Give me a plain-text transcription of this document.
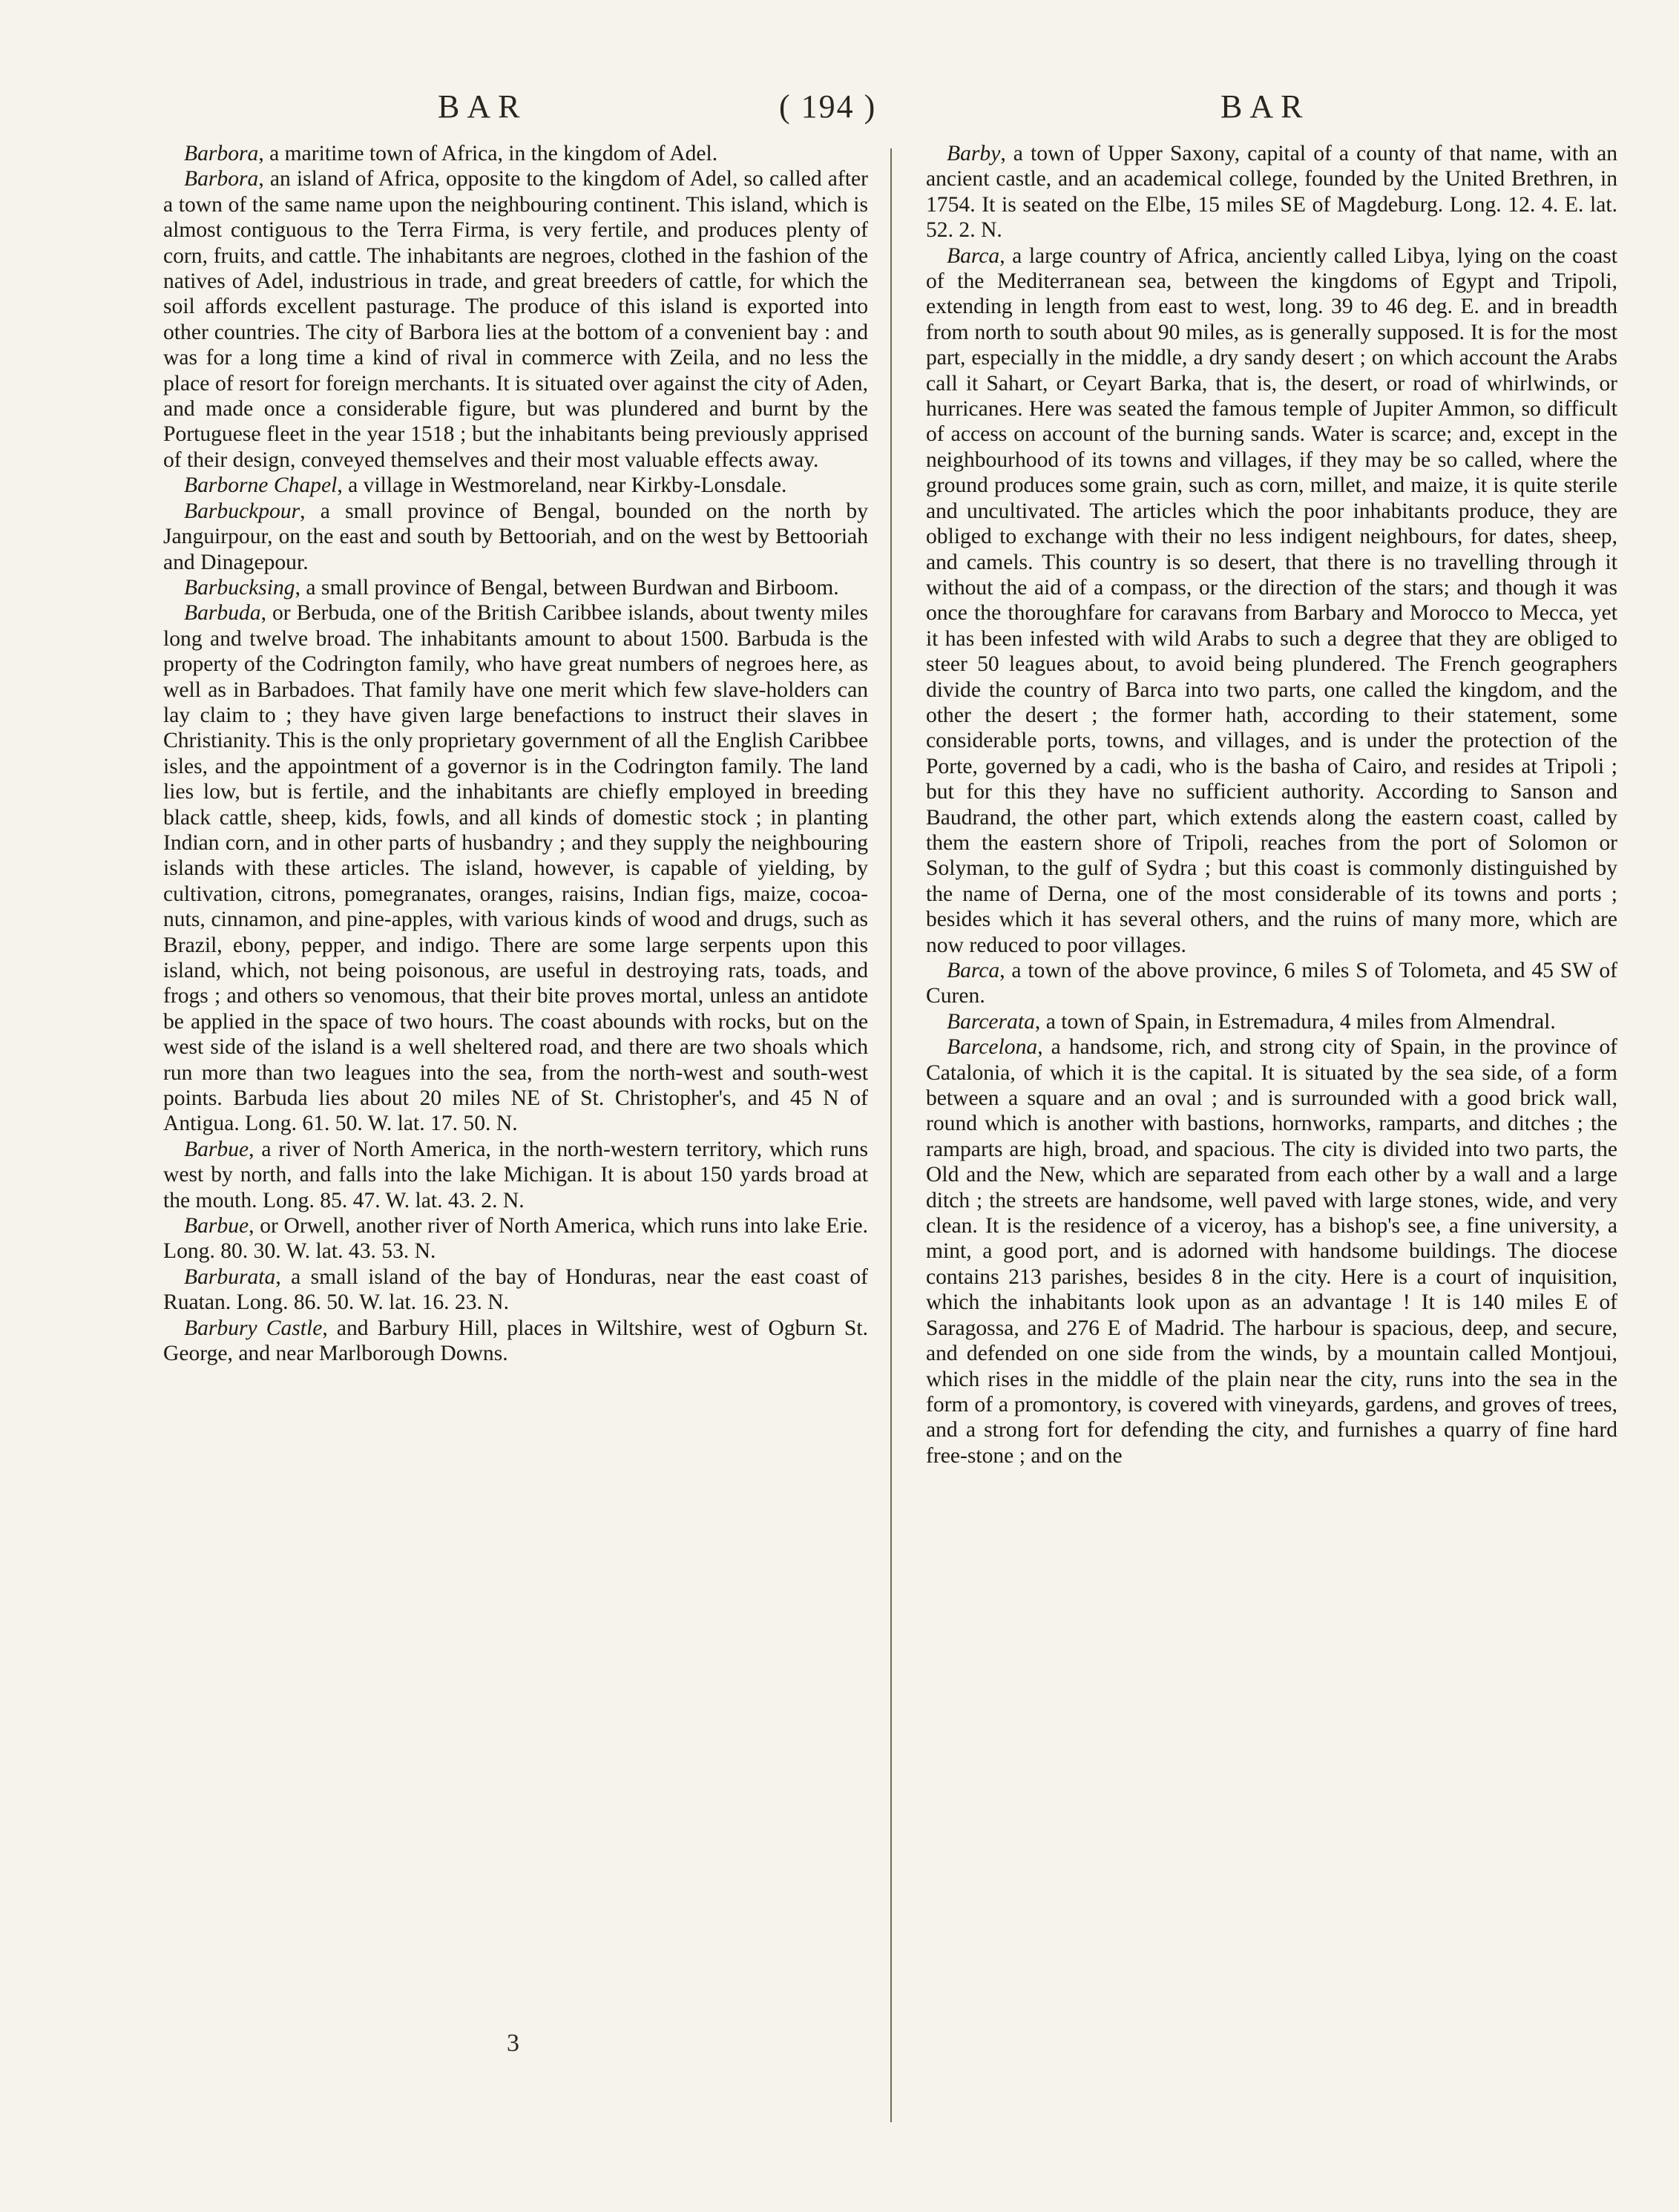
BAR	( 194 )	BAR

Barbora, a maritime town of Africa, in the kingdom of Adel.

Barbora, an island of Africa, opposite to the kingdom of Adel, so called after a town of the same name upon the neighbouring continent. This island, which is almost contiguous to the Terra Firma, is very fertile, and produces plenty of corn, fruits, and cattle. The inhabitants are negroes, clothed in the fashion of the natives of Adel, industrious in trade, and great breeders of cattle, for which the soil affords excellent pasturage. The produce of this island is exported into other countries. The city of Barbora lies at the bottom of a convenient bay : and was for a long time a kind of rival in commerce with Zeila, and no less the place of resort for foreign merchants. It is situated over against the city of Aden, and made once a considerable figure, but was plundered and burnt by the Portuguese fleet in the year 1518 ; but the inhabitants being previously apprised of their design, conveyed themselves and their most valuable effects away.

Barborne Chapel, a village in Westmoreland, near Kirkby-Lonsdale.

Barbuckpour, a small province of Bengal, bounded on the north by Janguirpour, on the east and south by Bettooriah, and on the west by Bettooriah and Dinagepour.

Barbucksing, a small province of Bengal, between Burdwan and Birboom.

Barbuda, or Berbuda, one of the British Caribbee islands, about twenty miles long and twelve broad. The inhabitants amount to about 1500. Barbuda is the property of the Codrington family, who have great numbers of negroes here, as well as in Barbadoes. That family have one merit which few slave-holders can lay claim to ; they have given large benefactions to instruct their slaves in Christianity. This is the only proprietary government of all the English Caribbee isles, and the appointment of a governor is in the Codrington family. The land lies low, but is fertile, and the inhabitants are chiefly employed in breeding black cattle, sheep, kids, fowls, and all kinds of domestic stock ; in planting Indian corn, and in other parts of husbandry ; and they supply the neighbouring islands with these articles. The island, however, is capable of yielding, by cultivation, citrons, pomegranates, oranges, raisins, Indian figs, maize, cocoa-nuts, cinnamon, and pine-apples, with various kinds of wood and drugs, such as Brazil, ebony, pepper, and indigo. There are some large serpents upon this island, which, not being poisonous, are useful in destroying rats, toads, and frogs ; and others so venomous, that their bite proves mortal, unless an antidote be applied in the space of two hours. The coast abounds with rocks, but on the west side of the island is a well sheltered road, and there are two shoals which run more than two leagues into the sea, from the north-west and south-west points. Barbuda lies about 20 miles NE of St. Christopher's, and 45 N of Antigua. Long. 61. 50. W. lat. 17. 50. N.

Barbue, a river of North America, in the north-western territory, which runs west by north, and falls into the lake Michigan. It is about 150 yards broad at the mouth. Long. 85. 47. W. lat. 43. 2. N.

Barbue, or Orwell, another river of North America, which runs into lake Erie. Long. 80. 30. W. lat. 43. 53. N.

Barburata, a small island of the bay of Honduras, near the east coast of Ruatan. Long. 86. 50. W. lat. 16. 23. N.

Barbury Castle, and Barbury Hill, places in Wiltshire, west of Ogburn St. George, and near Marlborough Downs.

Barby, a town of Upper Saxony, capital of a county of that name, with an ancient castle, and an academical college, founded by the United Brethren, in 1754. It is seated on the Elbe, 15 miles SE of Magdeburg. Long. 12. 4. E. lat. 52. 2. N.

Barca, a large country of Africa, anciently called Libya, lying on the coast of the Mediterranean sea, between the kingdoms of Egypt and Tripoli, extending in length from east to west, long. 39 to 46 deg. E. and in breadth from north to south about 90 miles, as is generally supposed. It is for the most part, especially in the middle, a dry sandy desert ; on which account the Arabs call it Sahart, or Ceyart Barka, that is, the desert, or road of whirlwinds, or hurricanes. Here was seated the famous temple of Jupiter Ammon, so difficult of access on account of the burning sands. Water is scarce; and, except in the neighbourhood of its towns and villages, if they may be so called, where the ground produces some grain, such as corn, millet, and maize, it is quite sterile and uncultivated. The articles which the poor inhabitants produce, they are obliged to exchange with their no less indigent neighbours, for dates, sheep, and camels. This country is so desert, that there is no travelling through it without the aid of a compass, or the direction of the stars; and though it was once the thoroughfare for caravans from Barbary and Morocco to Mecca, yet it has been infested with wild Arabs to such a degree that they are obliged to steer 50 leagues about, to avoid being plundered. The French geographers divide the country of Barca into two parts, one called the kingdom, and the other the desert ; the former hath, according to their statement, some considerable ports, towns, and villages, and is under the protection of the Porte, governed by a cadi, who is the basha of Cairo, and resides at Tripoli ; but for this they have no sufficient authority. According to Sanson and Baudrand, the other part, which extends along the eastern coast, called by them the eastern shore of Tripoli, reaches from the port of Solomon or Solyman, to the gulf of Sydra ; but this coast is commonly distinguished by the name of Derna, one of the most considerable of its towns and ports ; besides which it has several others, and the ruins of many more, which are now reduced to poor villages.

Barca, a town of the above province, 6 miles S of Tolometa, and 45 SW of Curen.

Barcerata, a town of Spain, in Estremadura, 4 miles from Almendral.

Barcelona, a handsome, rich, and strong city of Spain, in the province of Catalonia, of which it is the capital. It is situated by the sea side, of a form between a square and an oval ; and is surrounded with a good brick wall, round which is another with bastions, hornworks, ramparts, and ditches ; the ramparts are high, broad, and spacious. The city is divided into two parts, the Old and the New, which are separated from each other by a wall and a large ditch ; the streets are handsome, well paved with large stones, wide, and very clean. It is the residence of a viceroy, has a bishop's see, a fine university, a mint, a good port, and is adorned with handsome buildings. The diocese contains 213 parishes, besides 8 in the city. Here is a court of inquisition, which the inhabitants look upon as an advantage ! It is 140 miles E of Saragossa, and 276 E of Madrid. The harbour is spacious, deep, and secure, and defended on one side from the winds, by a mountain called Montjoui, which rises in the middle of the plain near the city, runs into the sea in the form of a promontory, is covered with vineyards, gardens, and groves of trees, and a strong fort for defending the city, and furnishes a quarry of fine hard free-stone ; and on the

3
